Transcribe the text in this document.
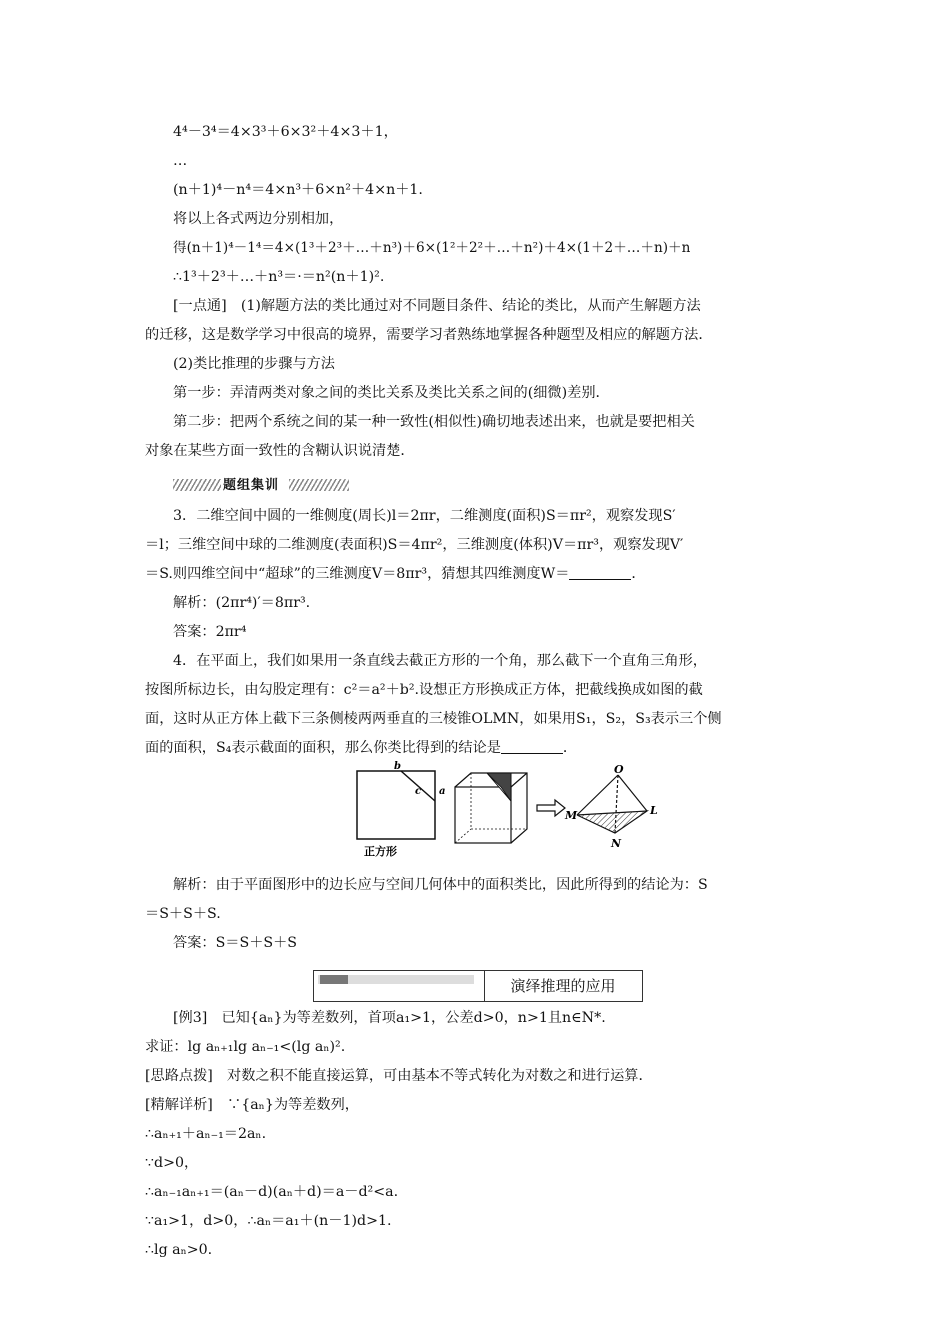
4⁴－3⁴＝4×3³＋6×3²＋4×3＋1，
…
(n＋1)⁴－n⁴＝4×n³＋6×n²＋4×n＋1.
将以上各式两边分别相加，
得(n＋1)⁴－1⁴＝4×(1³＋2³＋…＋n³)＋6×(1²＋2²＋…＋n²)＋4×(1＋2＋…＋n)＋n
∴1³＋2³＋…＋n³＝·＝n²(n＋1)².
[一点通]　(1)解题方法的类比通过对不同题目条件、结论的类比，从而产生解题方法
的迁移，这是数学学习中很高的境界，需要学习者熟练地掌握各种题型及相应的解题方法．
(2)类比推理的步骤与方法
第一步：弄清两类对象之间的类比关系及类比关系之间的(细微)差别．
第二步：把两个系统之间的某一种一致性(相似性)确切地表述出来，也就是要把相关
对象在某些方面一致性的含糊认识说清楚．
题组集训
3．二维空间中圆的一维侧度(周长)l＝2πr，二维测度(面积)S＝πr²，观察发现S′
＝l；三维空间中球的二维测度(表面积)S＝4πr²，三维测度(体积)V＝πr³，观察发现V′
＝S.则四维空间中“超球”的三维测度V＝8πr³，猜想其四维测度W＝	．
解析：(2πr⁴)′＝8πr³.
答案：2πr⁴
4．在平面上，我们如果用一条直线去截正方形的一个角，那么截下一个直角三角形，
按图所标边长，由勾股定理有：c²＝a²＋b².设想正方形换成正方体，把截线换成如图的截
面，这时从正方体上截下三条侧棱两两垂直的三棱锥OLMN，如果用S₁，S₂，S₃表示三个侧
面的面积，S₄表示截面的面积，那么你类比得到的结论是	．
b
a
c
正方形
O
M	L
N
解析：由于平面图形中的边长应与空间几何体中的面积类比，因此所得到的结论为：S
＝S＋S＋S.
答案：S＝S＋S＋S
演绎推理的应用
[例3]　已知{aₙ}为等差数列，首项a₁>1，公差d>0，n>1且n∈N*.
求证：lg aₙ₊₁lg aₙ₋₁<(lg aₙ)².
[思路点拨]　对数之积不能直接运算，可由基本不等式转化为对数之和进行运算．
[精解详析]　∵{aₙ}为等差数列，
∴aₙ₊₁＋aₙ₋₁＝2aₙ.
∵d>0，
∴aₙ₋₁aₙ₊₁＝(aₙ－d)(aₙ＋d)＝a－d²<a.
∵a₁>1，d>0，∴aₙ＝a₁＋(n－1)d>1.
∴lg aₙ>0.
